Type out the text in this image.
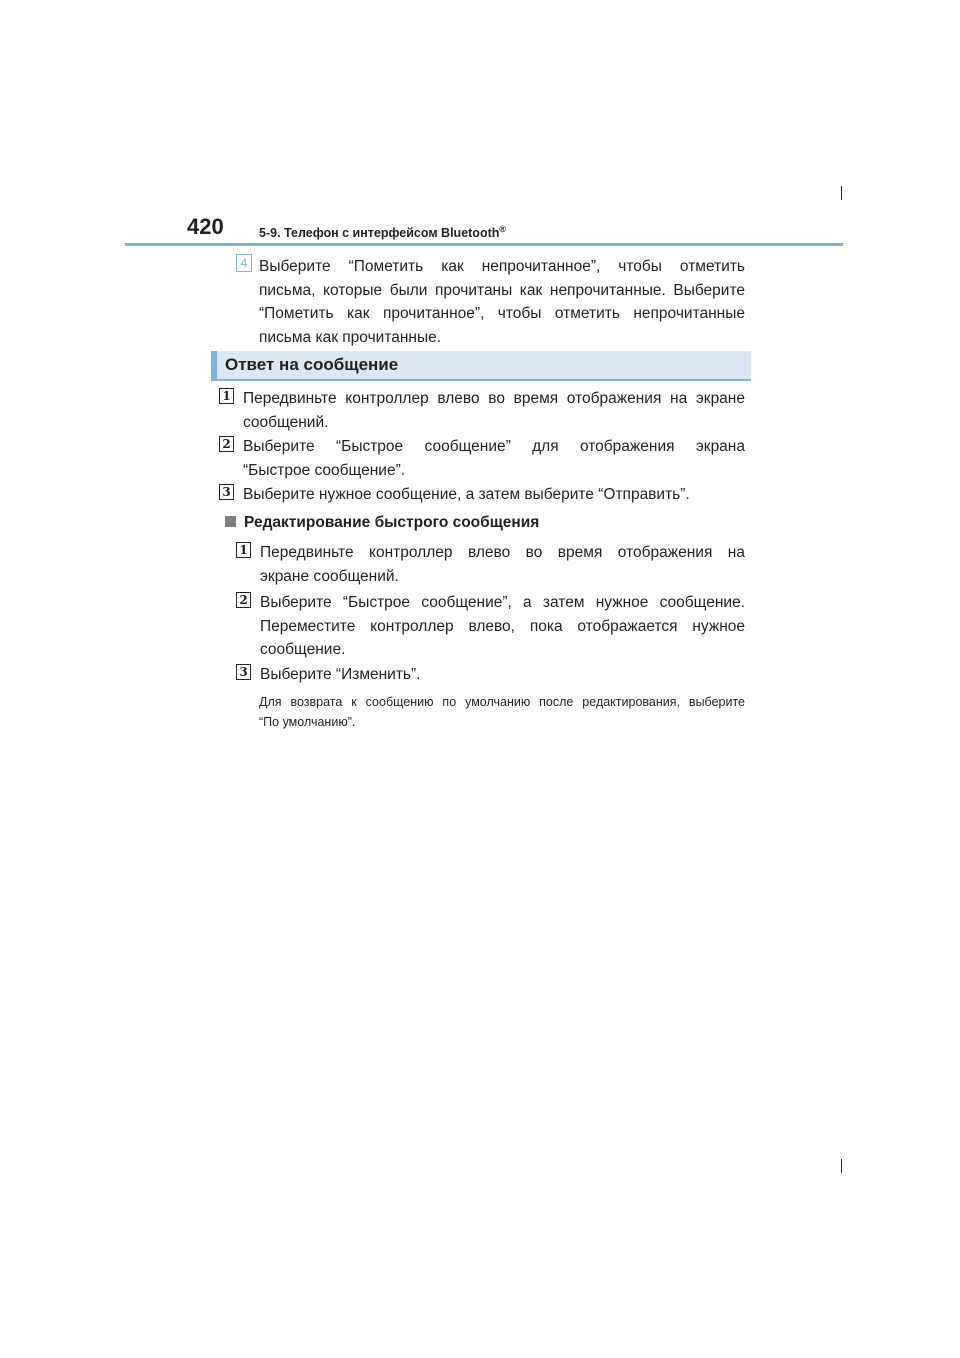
420	5-9. Телефон с интерфейсом Bluetooth®
4 Выберите “Пометить как непрочитанное”, чтобы отметить
письма, которые были прочитаны как непрочитанные. Выберите
“Пометить как прочитанное”, чтобы отметить непрочитанные
письма как прочитанные.
Ответ на сообщение
1 Передвиньте контроллер влево во время отображения на экране
сообщений.
2 Выберите “Быстрое сообщение” для отображения экрана
“Быстрое сообщение”.
3 Выберите нужное сообщение, а затем выберите “Отправить”.
Редактирование быстрого сообщения
1 Передвиньте контроллер влево во время отображения на
экране сообщений.
2 Выберите “Быстрое сообщение”, а затем нужное сообщение.
Переместите контроллер влево, пока отображается нужное
сообщение.
3 Выберите “Изменить”.
Для возврата к сообщению по умолчанию после редактирования, выберите
“По умолчанию”.
